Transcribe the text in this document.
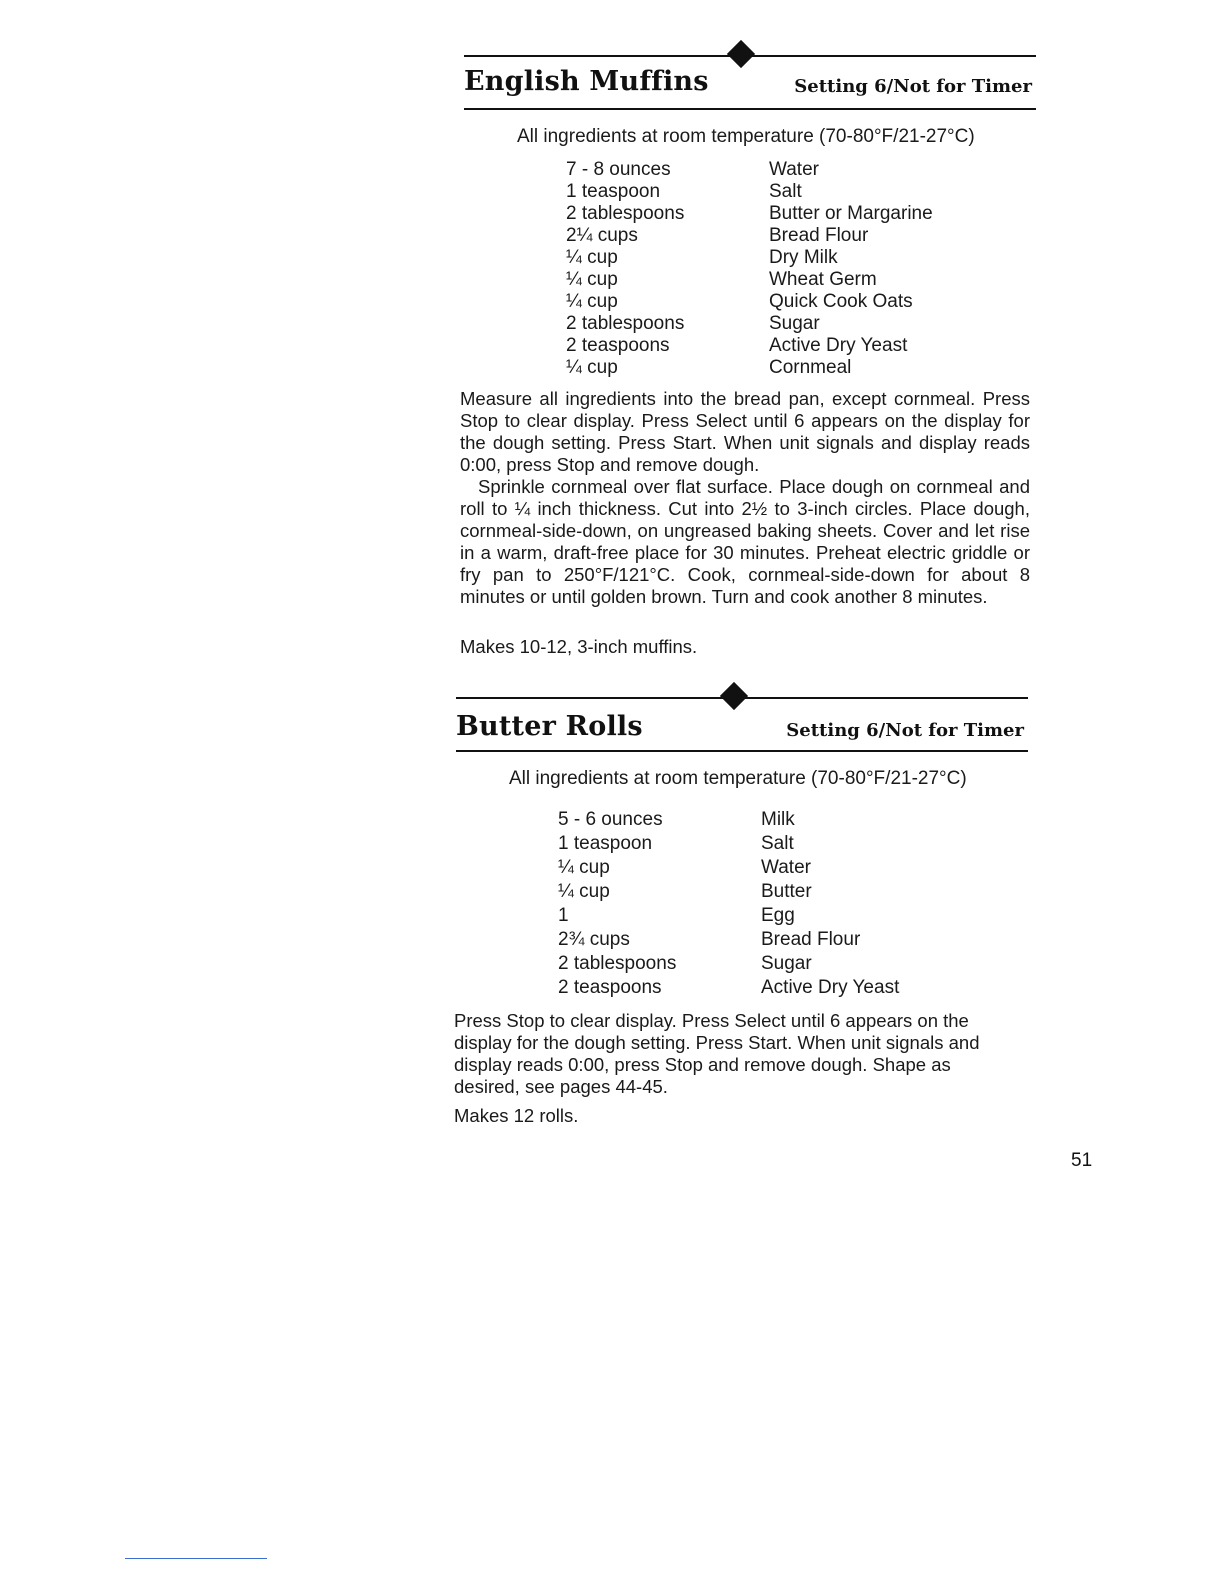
English Muffins	Setting 6/Not for Timer
All ingredients at room temperature (70-80°F/21-27°C)
7 - 8 ounces	Water
1 teaspoon	Salt
2 tablespoons	Butter or Margarine
2¼ cups	Bread Flour
¼ cup	Dry Milk
¼ cup	Wheat Germ
¼ cup	Quick Cook Oats
2 tablespoons	Sugar
2 teaspoons	Active Dry Yeast
¼ cup	Cornmeal

Measure all ingredients into the bread pan, except cornmeal. Press Stop to clear display. Press Select until 6 appears on the display for the dough setting. Press Start. When unit signals and display reads 0:00, press Stop and remove dough.

Sprinkle cornmeal over flat surface. Place dough on cornmeal and roll to ¼ inch thickness. Cut into 2½ to 3-inch circles. Place dough, cornmeal-side-down, on ungreased baking sheets. Cover and let rise in a warm, draft-free place for 30 minutes. Preheat electric griddle or fry pan to 250°F/121°C. Cook, cornmeal-side-down for about 8 minutes or until golden brown. Turn and cook another 8 minutes.

Makes 10-12, 3-inch muffins.

Butter Rolls	Setting 6/Not for Timer
All ingredients at room temperature (70-80°F/21-27°C)
5 - 6 ounces	Milk
1 teaspoon	Salt
¼ cup	Water
¼ cup	Butter
1	Egg
2¾ cups	Bread Flour
2 tablespoons	Sugar
2 teaspoons	Active Dry Yeast

Press Stop to clear display. Press Select until 6 appears on the display for the dough setting. Press Start. When unit signals and display reads 0:00, press Stop and remove dough. Shape as desired, see pages 44-45.

Makes 12 rolls.

51
